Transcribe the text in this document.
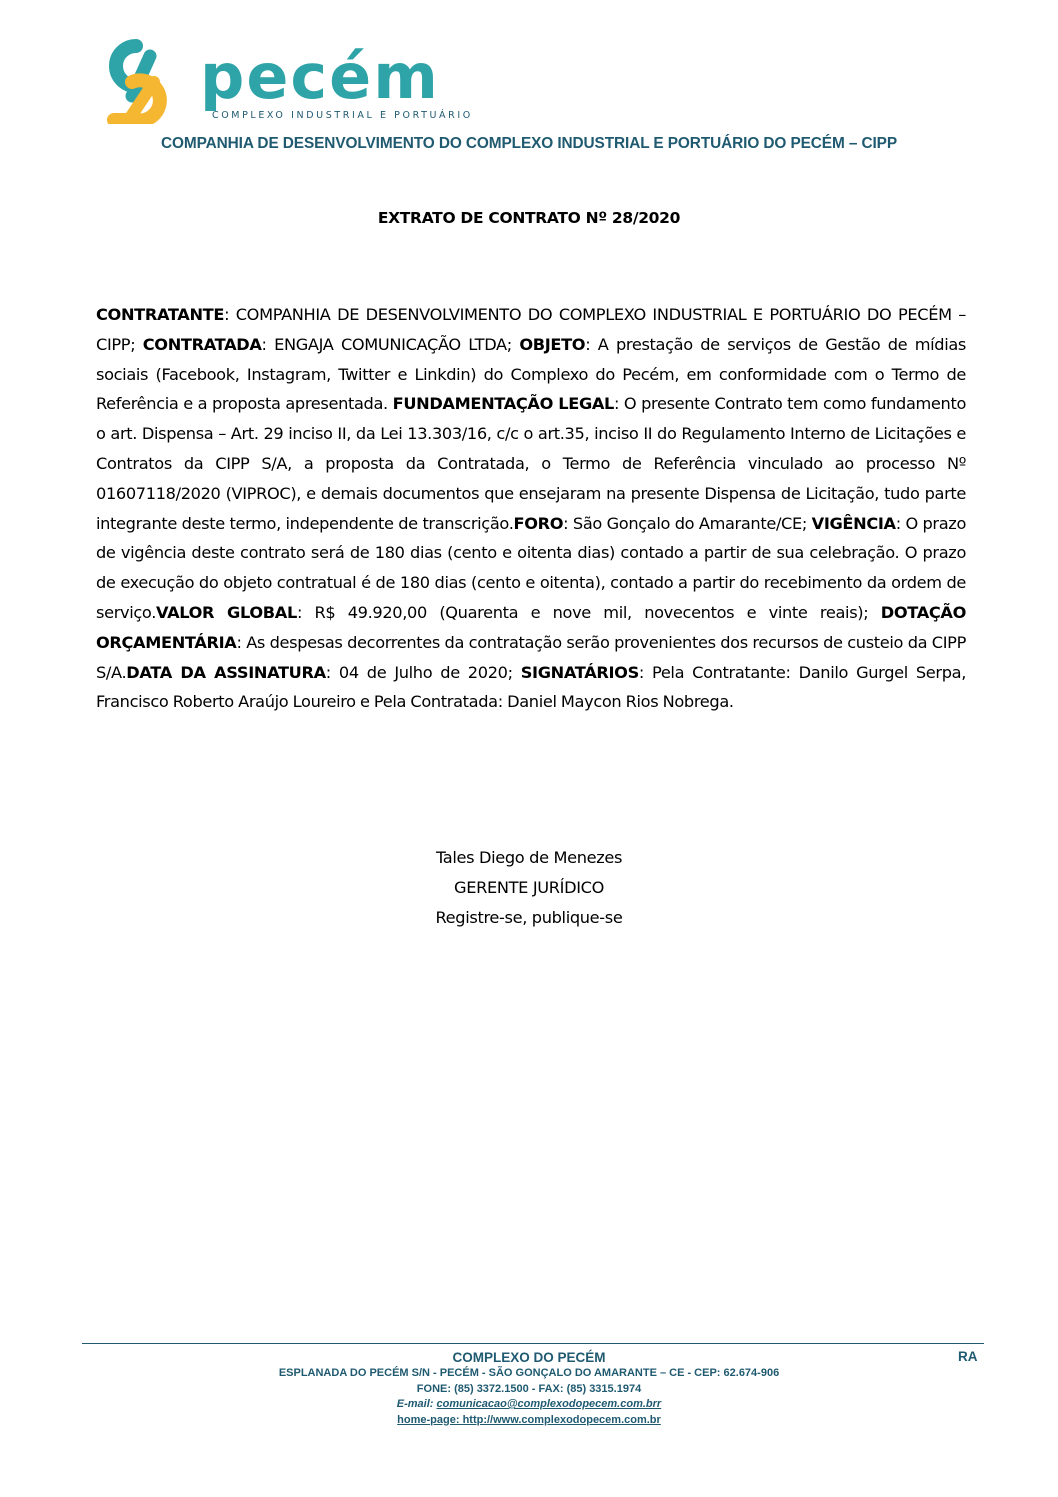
pecém
COMPLEXO INDUSTRIAL E PORTUÁRIO
COMPANHIA DE DESENVOLVIMENTO DO COMPLEXO INDUSTRIAL E PORTUÁRIO DO PECÉM – CIPP
EXTRATO DE CONTRATO Nº 28/2020
CONTRATANTE: COMPANHIA DE DESENVOLVIMENTO DO COMPLEXO INDUSTRIAL E PORTUÁRIO DO PECÉM – CIPP; CONTRATADA: ENGAJA COMUNICAÇÃO LTDA; OBJETO: A prestação de serviços de Gestão de mídias sociais (Facebook, Instagram, Twitter e Linkdin) do Complexo do Pecém, em conformidade com o Termo de Referência e a proposta apresentada. FUNDAMENTAÇÃO LEGAL: O presente Contrato tem como fundamento o art. Dispensa – Art. 29 inciso II, da Lei 13.303/16, c/c o art.35, inciso II do Regulamento Interno de Licitações e Contratos da CIPP S/A, a proposta da Contratada, o Termo de Referência vinculado ao processo Nº 01607118/2020 (VIPROC), e demais documentos que ensejaram na presente Dispensa de Licitação, tudo parte integrante deste termo, independente de transcrição.FORO: São Gonçalo do Amarante/CE; VIGÊNCIA: O prazo de vigência deste contrato será de 180 dias (cento e oitenta dias) contado a partir de sua celebração. O prazo de execução do objeto contratual é de 180 dias (cento e oitenta), contado a partir do recebimento da ordem de serviço.VALOR GLOBAL: R$ 49.920,00 (Quarenta e nove mil, novecentos e vinte reais); DOTAÇÃO ORÇAMENTÁRIA: As despesas decorrentes da contratação serão provenientes dos recursos de custeio da CIPP S/A.DATA DA ASSINATURA: 04 de Julho de 2020; SIGNATÁRIOS: Pela Contratante: Danilo Gurgel Serpa, Francisco Roberto Araújo Loureiro e Pela Contratada: Daniel Maycon Rios Nobrega.
Tales Diego de Menezes
GERENTE JURÍDICO
Registre-se, publique-se
COMPLEXO DO PECÉM
ESPLANADA DO PECÉM S/N - PECÉM - SÃO GONÇALO DO AMARANTE – CE - CEP: 62.674-906
FONE: (85) 3372.1500 - FAX: (85) 3315.1974
E-mail: comunicacao@complexodopecem.com.brr
home-page: http://www.complexodopecem.com.br
RA
